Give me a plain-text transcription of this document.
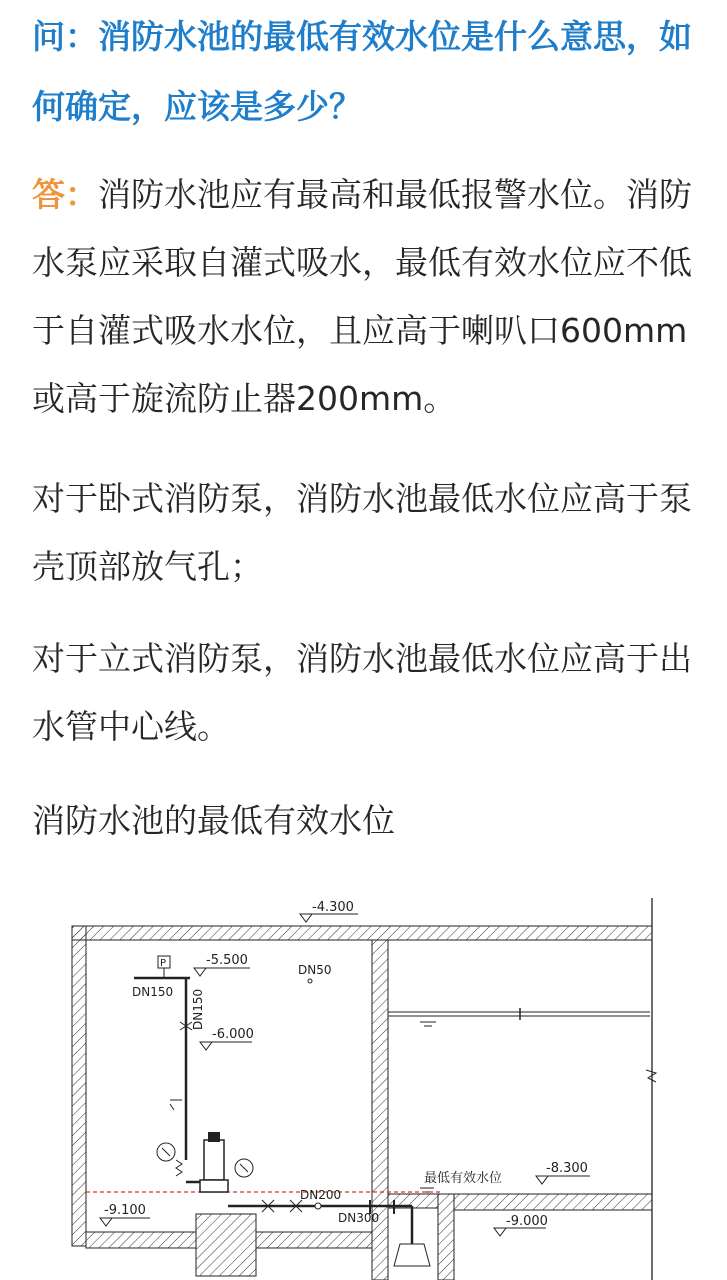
问：消防水池的最低有效水位是什么意思，如何确定，应该是多少？
答：消防水池应有最高和最低报警水位。消防水泵应采取自灌式吸水，最低有效水位应不低于自灌式吸水水位，且应高于喇叭口600mm或高于旋流防止器200mm。
对于卧式消防泵，消防水池最低水位应高于泵壳顶部放气孔；
对于立式消防泵，消防水池最低水位应高于出水管中心线。
消防水池的最低有效水位
-4.300
-5.500
-6.000
-8.300
-9.100
-9.000
最低有效水位
P
DN150 DN150
DN200
DN300
DN50
